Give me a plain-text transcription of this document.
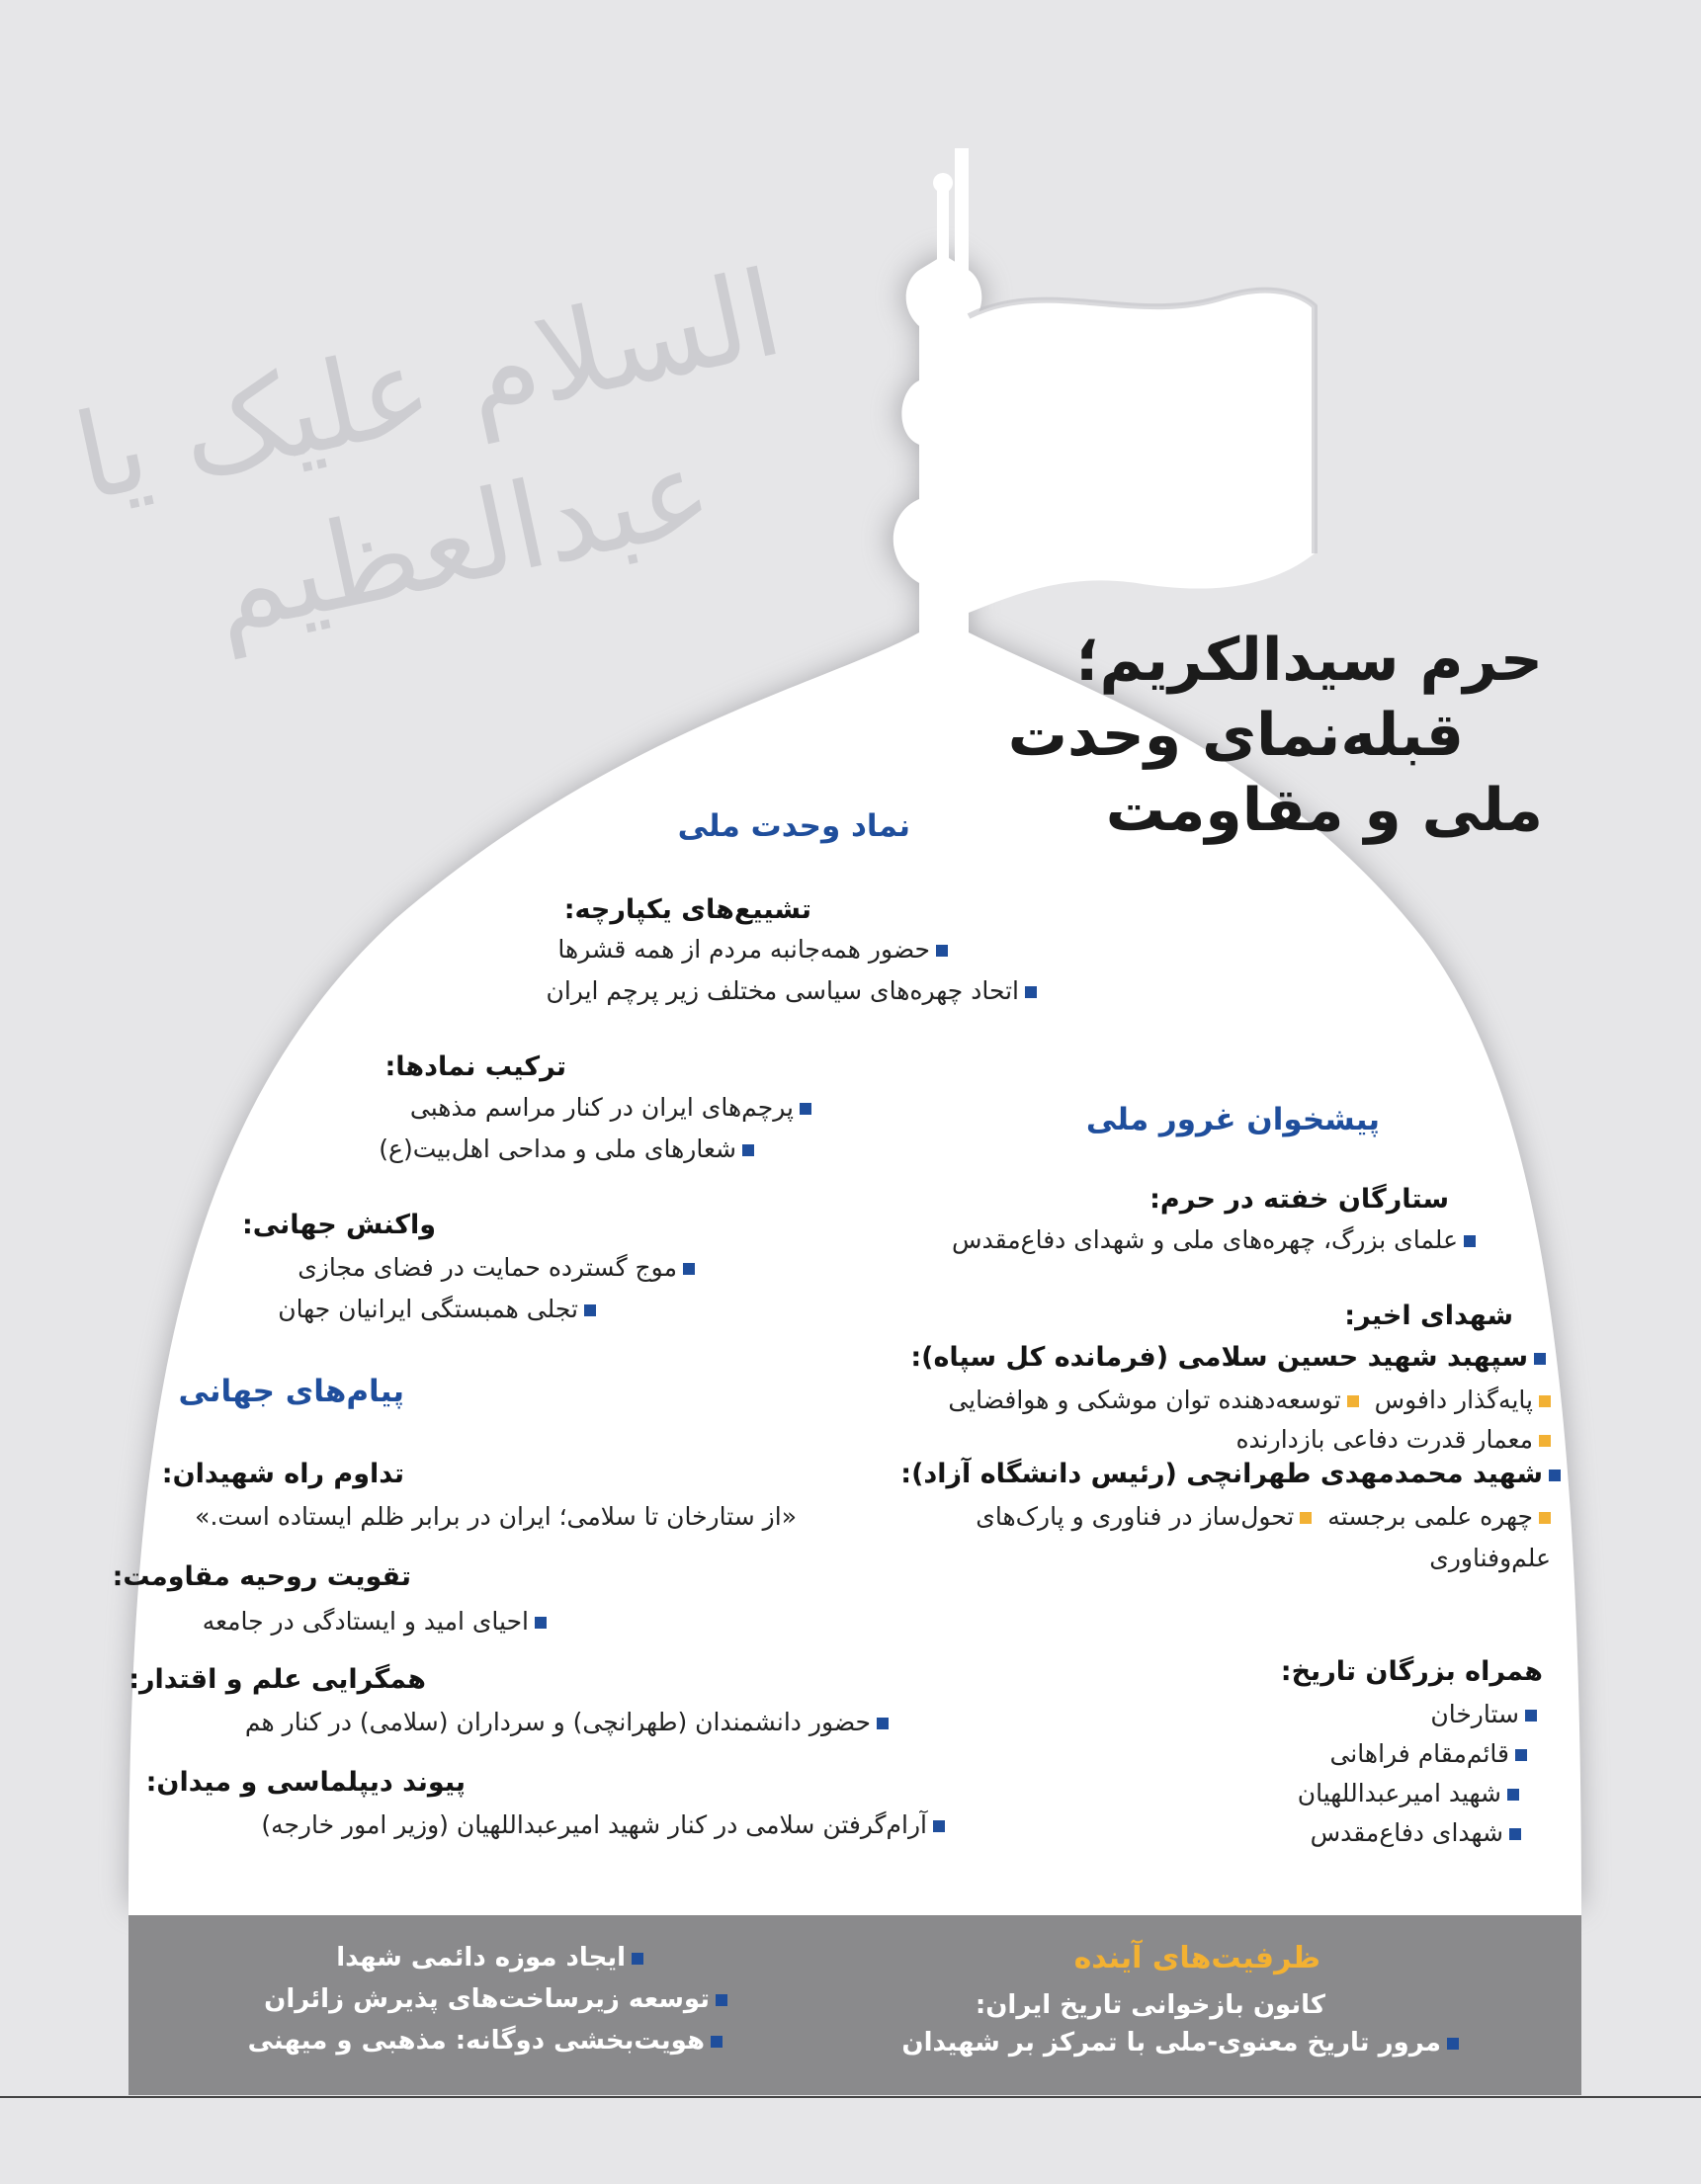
السلام علیک یا عبدالعظیم	حرم سیدالکریم؛
قبله‌نمای وحدت
ملی و مقاومت
نماد وحدت ملی
تشییع‌های یکپارچه:
حضور همه‌جانبه مردم از همه قشرها
اتحاد چهره‌های سیاسی مختلف زیر پرچم ایران
ترکیب نمادها:
پرچم‌های ایران در کنار مراسم مذهبی
شعارهای ملی و مداحی اهل‌بیت(ع)
واکنش جهانی:
موج گسترده حمایت در فضای مجازی
تجلی همبستگی ایرانیان جهان
پیام‌های جهانی
تداوم راه شهیدان:
«از ستارخان تا سلامی؛ ایران در برابر ظلم ایستاده است.»
تقویت روحیه مقاومت:
احیای امید و ایستادگی در جامعه
همگرایی علم و اقتدار:
حضور دانشمندان (طهرانچی) و سرداران (سلامی) در کنار هم
پیوند دیپلماسی و میدان:
آرام‌گرفتن سلامی در کنار شهید امیرعبداللهیان (وزیر امور خارجه)
پیشخوان غرور ملی
ستارگان خفته در حرم:
علمای بزرگ، چهره‌های ملی و شهدای دفاع‌مقدس
شهدای اخیر:
سپهبد شهید حسین سلامی (فرمانده کل سپاه):
پایه‌گذار دافوس  توسعه‌دهنده توان موشکی و هوافضایی
معمار قدرت دفاعی بازدارنده
شهید محمدمهدی طهرانچی (رئیس دانشگاه آزاد):
چهره علمی برجسته  تحول‌ساز در فناوری و پارک‌های
علم‌وفناوری
همراه بزرگان تاریخ:
ستارخان
قائم‌مقام فراهانی
شهید امیرعبداللهیان
شهدای دفاع‌مقدس
ظرفیت‌های آینده
کانون بازخوانی تاریخ ایران:
مرور تاریخ معنوی-ملی با تمرکز بر شهیدان
ایجاد موزه دائمی شهدا
توسعه زیرساخت‌های پذیرش زائران
هویت‌بخشی دوگانه: مذهبی و میهنی
